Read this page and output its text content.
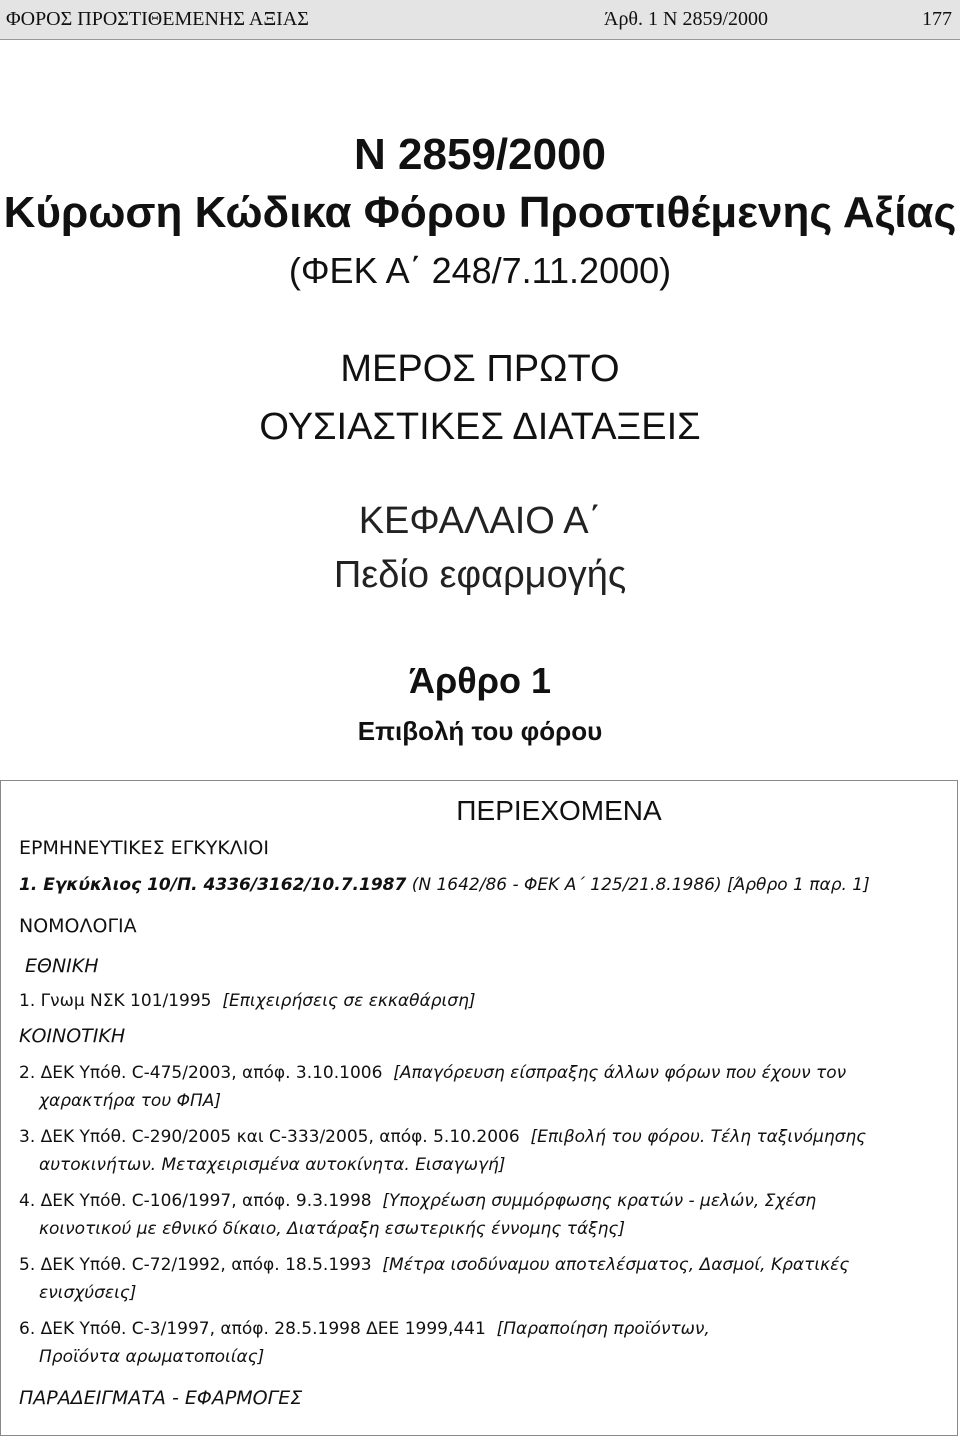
ΦΟΡΟΣ ΠΡΟΣΤΙΘΕΜΕΝΗΣ ΑΞΙΑΣ	Άρθ. 1 Ν 2859/2000	177
Ν 2859/2000
Κύρωση Κώδικα Φόρου Προστιθέμενης Αξίας
(ΦΕΚ Α΄ 248/7.11.2000)
ΜΕΡΟΣ ΠΡΩΤΟ
ΟΥΣΙΑΣΤΙΚΕΣ ΔΙΑΤΑΞΕΙΣ
ΚΕΦΑΛΑΙΟ Α΄
Πεδίο εφαρμογής
Άρθρο 1
Επιβολή του φόρου
ΠΕΡΙΕΧΟΜΕΝΑ
ΕΡΜΗΝΕΥΤΙΚΕΣ ΕΓΚΥΚΛΙΟΙ
1. Εγκύκλιος 10/Π. 4336/3162/10.7.1987 (Ν 1642/86 - ΦΕΚ Α΄ 125/21.8.1986) [Άρθρο 1 παρ. 1]
ΝΟΜΟΛΟΓΙΑ
ΕΘΝΙΚΗ
1. Γνωμ ΝΣΚ 101/1995 [Επιχειρήσεις σε εκκαθάριση]
ΚΟΙΝΟΤΙΚΗ
2. ΔΕΚ Υπόθ. C-475/2003, απόφ. 3.10.1006 [Απαγόρευση είσπραξης άλλων φόρων που έχουν τον
χαρακτήρα του ΦΠΑ]
3. ΔΕΚ Υπόθ. C-290/2005 και C-333/2005, απόφ. 5.10.2006 [Επιβολή του φόρου. Τέλη ταξινόμησης
αυτοκινήτων. Μεταχειρισμένα αυτοκίνητα. Εισαγωγή]
4. ΔΕΚ Υπόθ. C-106/1997, απόφ. 9.3.1998 [Υποχρέωση συμμόρφωσης κρατών - μελών, Σχέση
κοινοτικού με εθνικό δίκαιο, Διατάραξη εσωτερικής έννομης τάξης]
5. ΔΕΚ Υπόθ. C-72/1992, απόφ. 18.5.1993 [Μέτρα ισοδύναμου αποτελέσματος, Δασμοί, Κρατικές
ενισχύσεις]
6. ΔΕΚ Υπόθ. C-3/1997, απόφ. 28.5.1998 ΔΕΕ 1999,441 [Παραποίηση προϊόντων,
Προϊόντα αρωματοποιίας]
ΠΑΡΑΔΕΙΓΜΑΤΑ - ΕΦΑΡΜΟΓΕΣ
